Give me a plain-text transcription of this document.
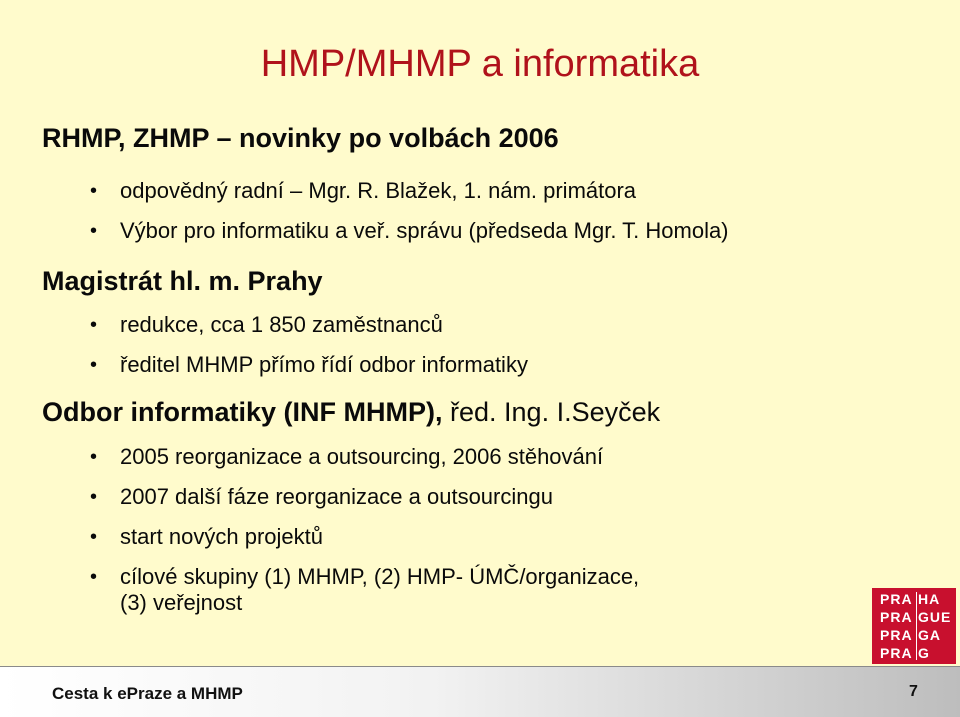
HMP/MHMP a informatika
RHMP, ZHMP – novinky po volbách 2006
• odpovědný radní – Mgr. R. Blažek, 1. nám. primátora
• Výbor pro informatiku a veř. správu (předseda Mgr. T. Homola)
Magistrát hl. m. Prahy
• redukce, cca 1 850 zaměstnanců
• ředitel MHMP přímo řídí odbor informatiky
Odbor informatiky (INF MHMP), řed. Ing. I.Seyček
• 2005 reorganizace a outsourcing, 2006 stěhování
• 2007 další fáze reorganizace a outsourcingu
• start nových projektů
• cílové skupiny (1) MHMP, (2) HMP- ÚMČ/organizace,
(3) veřejnost	PRA HA
PRA GUE
PRA GA
PRA G
Cesta k ePraze a MHMP	7
